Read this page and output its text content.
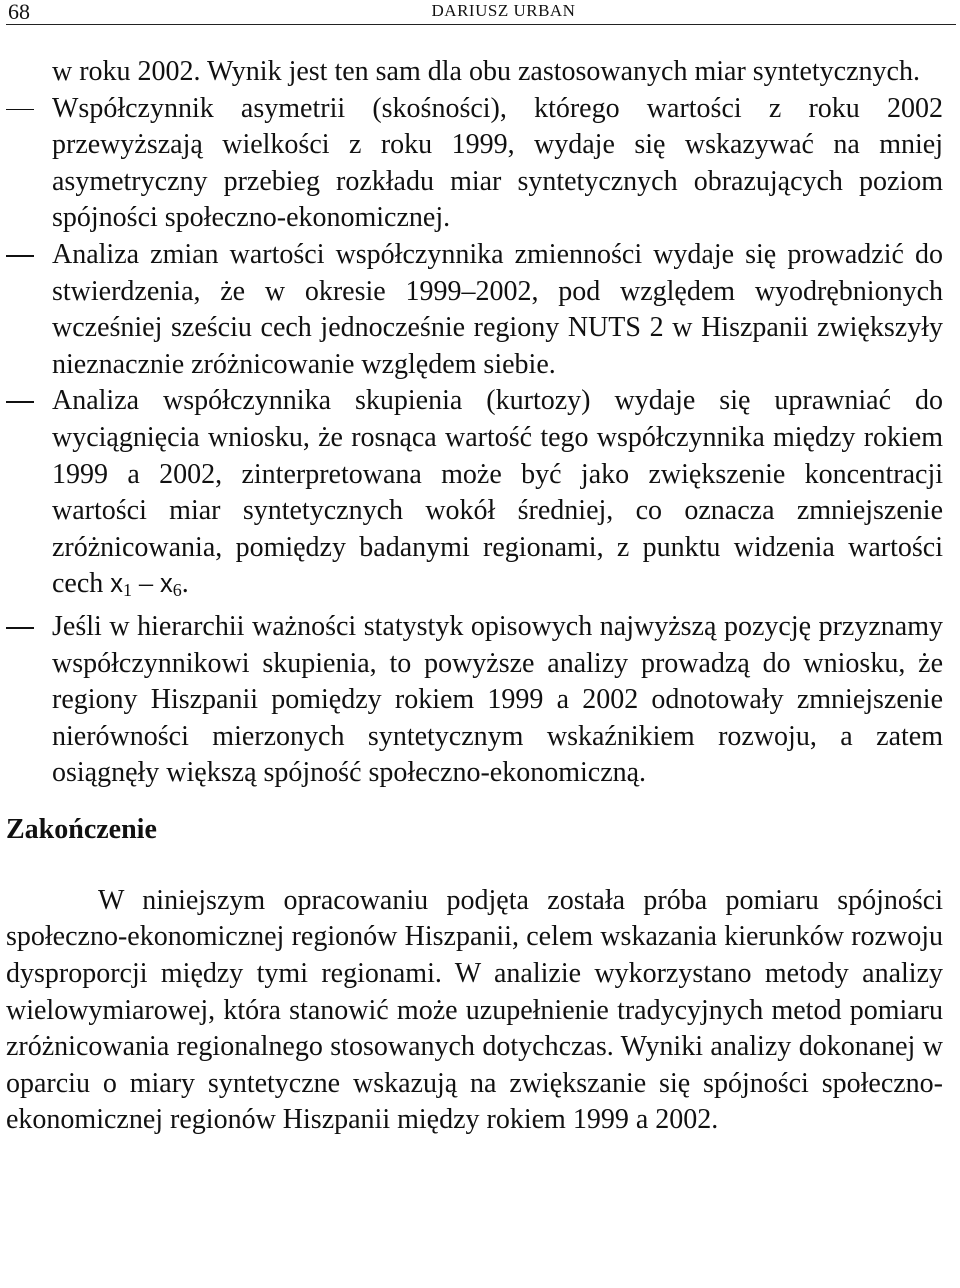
68	DARIUSZ URBAN

w roku 2002. Wynik jest ten sam dla obu zastosowanych miar syntetycznych.

Współczynnik asymetrii (skośności), którego wartości z roku 2002 przewyższają wielkości z roku 1999, wydaje się wskazywać na mniej asymetryczny przebieg rozkładu miar syntetycznych obrazujących poziom spójności społeczno-ekonomicznej.
Analiza zmian wartości współczynnika zmienności wydaje się prowadzić do stwierdzenia, że w okresie 1999–2002, pod względem wyodrębnionych wcześniej sześciu cech jednocześnie regiony NUTS 2 w Hiszpanii zwiększyły nieznacznie zróżnicowanie względem siebie.
Analiza współczynnika skupienia (kurtozy) wydaje się uprawniać do wyciągnięcia wniosku, że rosnąca wartość tego współczynnika między rokiem 1999 a 2002, zinterpretowana może być jako zwiększenie koncentracji wartości miar syntetycznych wokół średniej, co oznacza zmniejszenie zróżnicowania, pomiędzy badanymi regionami, z punktu widzenia wartości cech $x_1 - x_6$.
Jeśli w hierarchii ważności statystyk opisowych najwyższą pozycję przyznamy współczynnikowi skupienia, to powyższe analizy prowadzą do wniosku, że regiony Hiszpanii pomiędzy rokiem 1999 a 2002 odnotowały zmniejszenie nierówności mierzonych syntetycznym wskaźnikiem rozwoju, a zatem osiągnęły większą spójność społeczno-ekonomiczną.
Zakończenie

W niniejszym opracowaniu podjęta została próba pomiaru spójności społeczno-ekonomicznej regionów Hiszpanii, celem wskazania kierunków rozwoju dysproporcji między tymi regionami. W analizie wykorzystano metody analizy wielowymiarowej, która stanowić może uzupełnienie tradycyjnych metod pomiaru zróżnicowania regionalnego stosowanych dotychczas. Wyniki analizy dokonanej w oparciu o miary syntetyczne wskazują na zwiększanie się spójności społeczno-ekonomicznej regionów Hiszpanii między rokiem 1999 a 2002.
